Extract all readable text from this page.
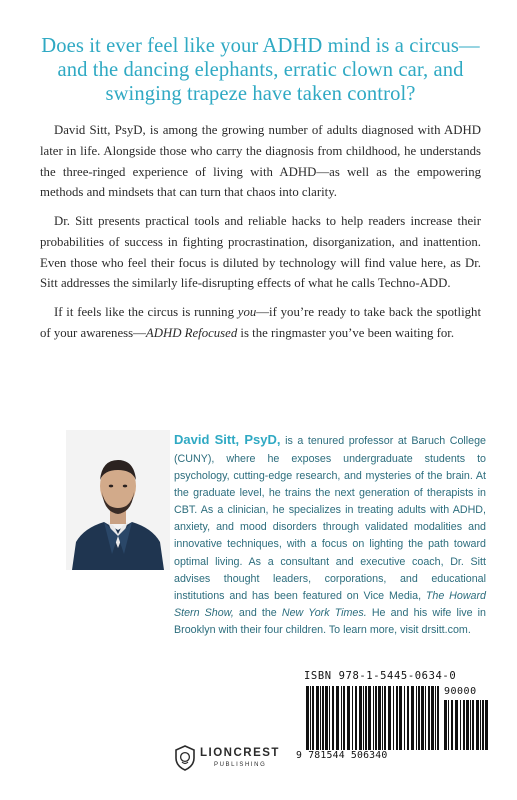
Does it ever feel like your ADHD mind is a circus—and the dancing elephants, erratic clown car, and swinging trapeze have taken control?

David Sitt, PsyD, is among the growing number of adults diagnosed with ADHD later in life. Alongside those who carry the diagnosis from childhood, he understands the three-ringed experience of living with ADHD—as well as the empowering methods and mindsets that can turn that chaos into clarity.

Dr. Sitt presents practical tools and reliable hacks to help readers increase their probabilities of success in fighting procrastination, disorganization, and inattention. Even those who feel their focus is diluted by technology will find value here, as Dr. Sitt addresses the similarly life-disrupting effects of what he calls Techno-ADD.

If it feels like the circus is running you—if you’re ready to take back the spotlight of your awareness—ADHD Refocused is the ringmaster you’ve been waiting for.

David Sitt, PsyD, is a tenured professor at Baruch College (CUNY), where he exposes undergraduate students to psychology, cutting-edge research, and mysteries of the brain. At the graduate level, he trains the next generation of therapists in CBT. As a clinician, he specializes in treating adults with ADHD, anxiety, and mood disorders through validated modalities and innovative techniques, with a focus on lighting the path toward optimal living. As a consultant and executive coach, Dr. Sitt advises thought leaders, corporations, and educational institutions and has been featured on Vice Media, The Howard Stern Show, and the New York Times. He and his wife live in Brooklyn with their four children. To learn more, visit drsitt.com.
LIONCREST
PUBLISHING
ISBN 978-1-5445-0634-0
90000
9 781544 506340
